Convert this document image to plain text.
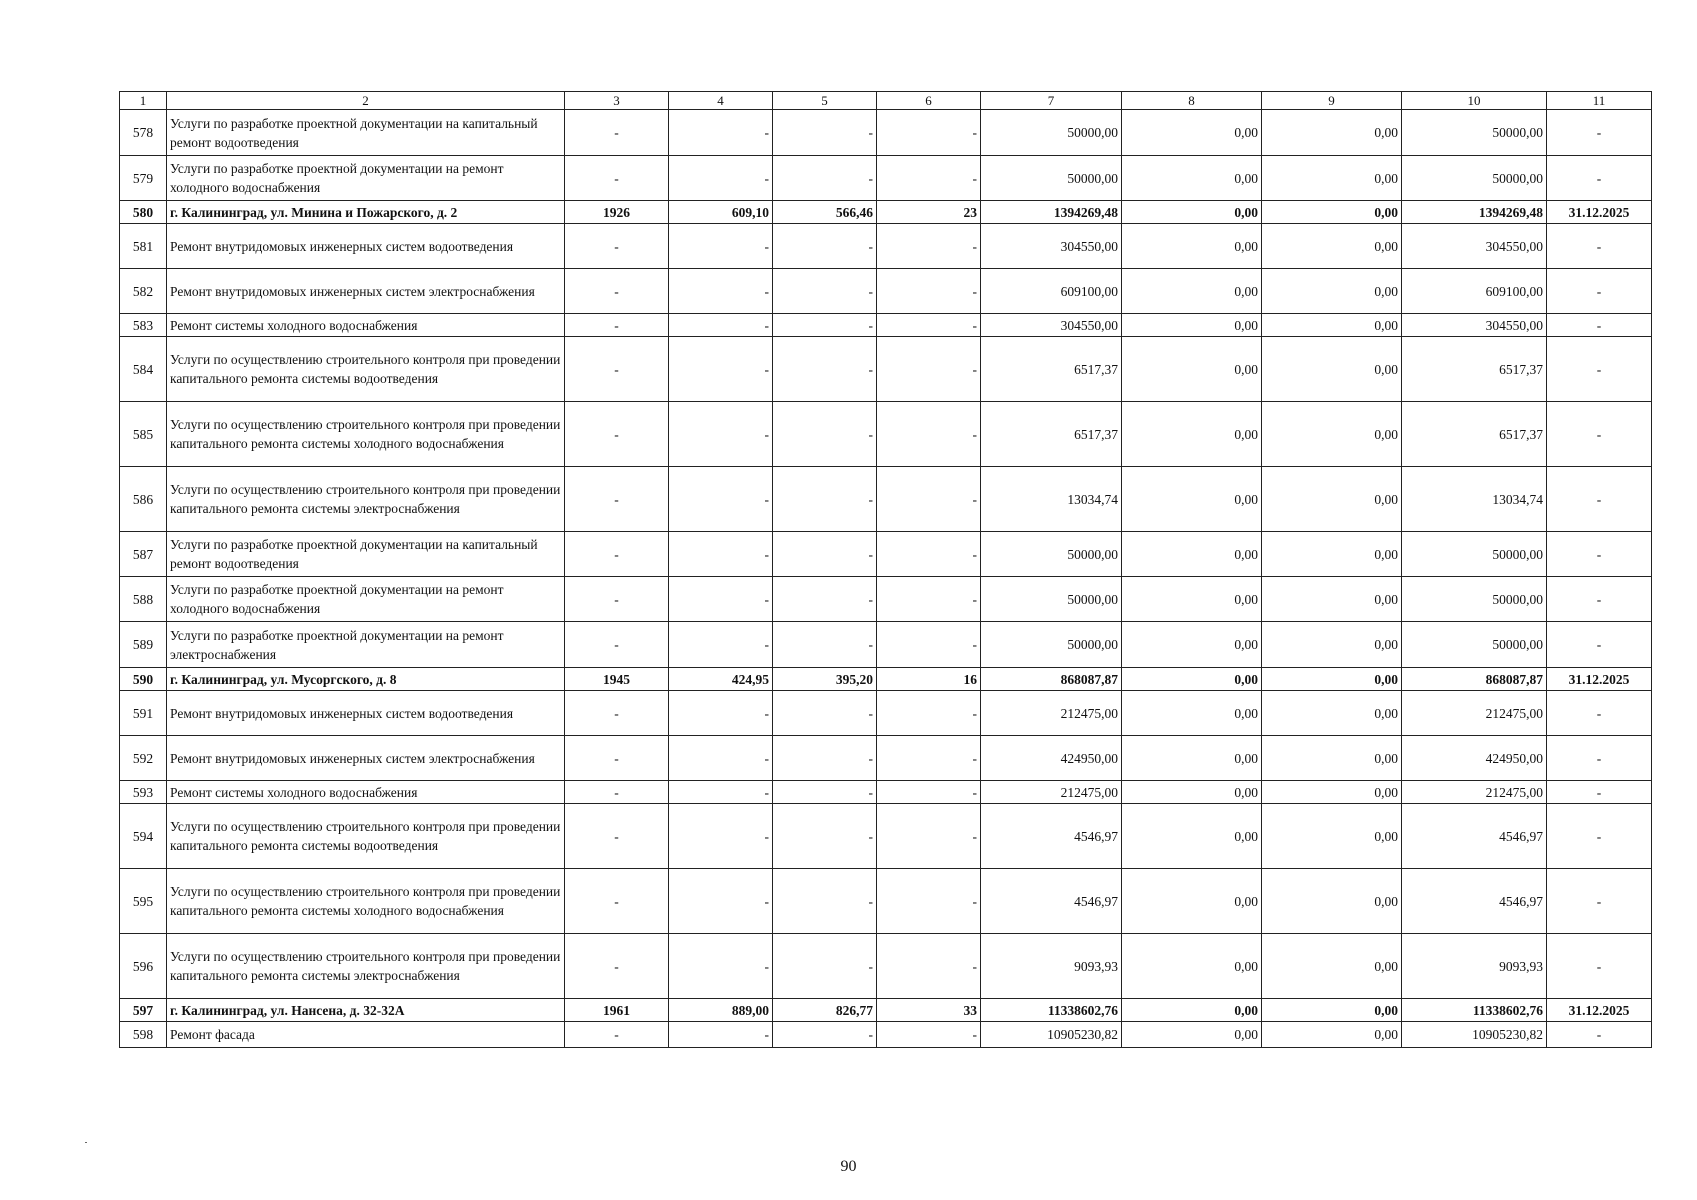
1	2	3	4	5	6	7	8	9	10	11
578	Услуги по разработке проектной документации на капитальный ремонт водоотведения	-	-	-	-	50000,00	0,00	0,00	50000,00	-
579	Услуги по разработке проектной документации на ремонт холодного водоснабжения	-	-	-	-	50000,00	0,00	0,00	50000,00	-
580	г. Калининград, ул. Минина и Пожарского, д. 2	1926	609,10	566,46	23	1394269,48	0,00	0,00	1394269,48	31.12.2025
581	Ремонт внутридомовых инженерных систем водоотведения	-	-	-	-	304550,00	0,00	0,00	304550,00	-
582	Ремонт внутридомовых инженерных систем электроснабжения	-	-	-	-	609100,00	0,00	0,00	609100,00	-
583	Ремонт системы холодного водоснабжения	-	-	-	-	304550,00	0,00	0,00	304550,00	-
584	Услуги по осуществлению строительного контроля при проведении капитального ремонта системы водоотведения	-	-	-	-	6517,37	0,00	0,00	6517,37	-
585	Услуги по осуществлению строительного контроля при проведении капитального ремонта системы холодного водоснабжения	-	-	-	-	6517,37	0,00	0,00	6517,37	-
586	Услуги по осуществлению строительного контроля при проведении капитального ремонта системы электроснабжения	-	-	-	-	13034,74	0,00	0,00	13034,74	-
587	Услуги по разработке проектной документации на капитальный ремонт водоотведения	-	-	-	-	50000,00	0,00	0,00	50000,00	-
588	Услуги по разработке проектной документации на ремонт холодного водоснабжения	-	-	-	-	50000,00	0,00	0,00	50000,00	-
589	Услуги по разработке проектной документации на ремонт электроснабжения	-	-	-	-	50000,00	0,00	0,00	50000,00	-
590	г. Калининград, ул. Мусоргского, д. 8	1945	424,95	395,20	16	868087,87	0,00	0,00	868087,87	31.12.2025
591	Ремонт внутридомовых инженерных систем водоотведения	-	-	-	-	212475,00	0,00	0,00	212475,00	-
592	Ремонт внутридомовых инженерных систем электроснабжения	-	-	-	-	424950,00	0,00	0,00	424950,00	-
593	Ремонт системы холодного водоснабжения	-	-	-	-	212475,00	0,00	0,00	212475,00	-
594	Услуги по осуществлению строительного контроля при проведении капитального ремонта системы водоотведения	-	-	-	-	4546,97	0,00	0,00	4546,97	-
595	Услуги по осуществлению строительного контроля при проведении капитального ремонта системы холодного водоснабжения	-	-	-	-	4546,97	0,00	0,00	4546,97	-
596	Услуги по осуществлению строительного контроля при проведении капитального ремонта системы электроснабжения	-	-	-	-	9093,93	0,00	0,00	9093,93	-
597	г. Калининград, ул. Нансена, д. 32-32А	1961	889,00	826,77	33	11338602,76	0,00	0,00	11338602,76	31.12.2025
598	Ремонт фасада	-	-	-	-	10905230,82	0,00	0,00	10905230,82	-
90
